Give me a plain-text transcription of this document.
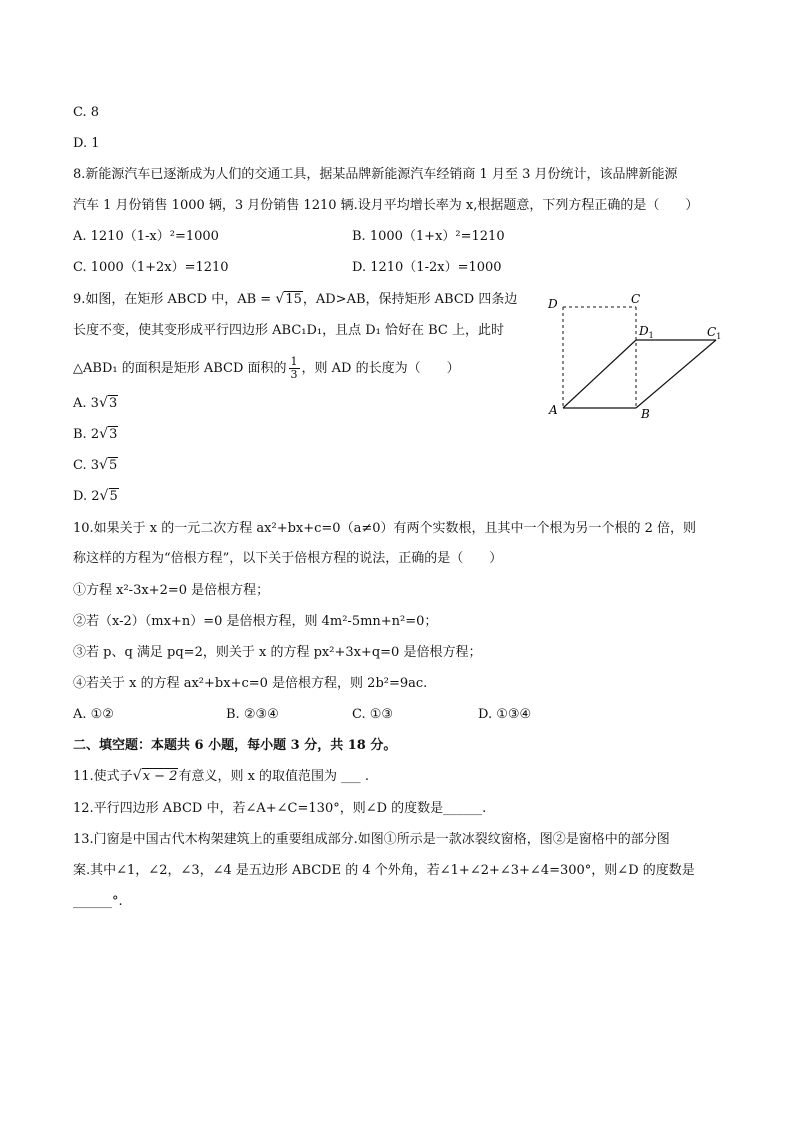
C. 8
D. 1
8.新能源汽车已逐渐成为人们的交通工具，据某品牌新能源汽车经销商 1 月至 3 月份统计，该品牌新能源
汽车 1 月份销售 1000 辆，3 月份销售 1210 辆.设月平均增长率为 x,根据题意，下列方程正确的是（　　）
A. 1210（1-x）²=1000	B. 1000（1+x）²=1210
C. 1000（1+2x）=1210	D. 1210（1-2x）=1000
9.如图，在矩形 ABCD 中，AB = √ 15，AD>AB，保持矩形 ABCD 四条边
长度不变，使其变形成平行四边形 ABC₁D₁，且点 D₁ 恰好在 BC 上，此时
△ABD₁ 的面积是矩形 ABCD 面积的 $\frac{1}{3}$ ，则 AD 的长度为（　　）
A. 3 √ 3
B. 2 √ 3
C. 3 √ 5
D. 2 √ 5
D	C
$D_1$	$C_1$
A	B
10.如果关于 x 的一元二次方程 ax²+bx+c=0（a≠0）有两个实数根，且其中一个根为另一个根的 2 倍，则
称这样的方程为“倍根方程”，以下关于倍根方程的说法，正确的是（　　）
①方程 x²-3x+2=0 是倍根方程；
②若（x-2）（mx+n）=0 是倍根方程，则 4m²-5mn+n²=0；
③若 p、q 满足 pq=2，则关于 x 的方程 px²+3x+q=0 是倍根方程；
④若关于 x 的方程 ax²+bx+c=0 是倍根方程，则 2b²=9ac.
A. ①②	B. ②③④	C. ①③	D. ①③④
二、填空题：本题共 6 小题，每小题 3 分，共 18 分。
11.使式子 √ x − 2有意义，则 x 的取值范围为 ___ .
12.平行四边形 ABCD 中，若∠A+∠C=130°，则∠D 的度数是______.
13.门窗是中国古代木构架建筑上的重要组成部分.如图①所示是一款冰裂纹窗格，图②是窗格中的部分图
案.其中∠1，∠2，∠3，∠4 是五边形 ABCDE 的 4 个外角，若∠1+∠2+∠3+∠4=300°，则∠D 的度数是
______°.
